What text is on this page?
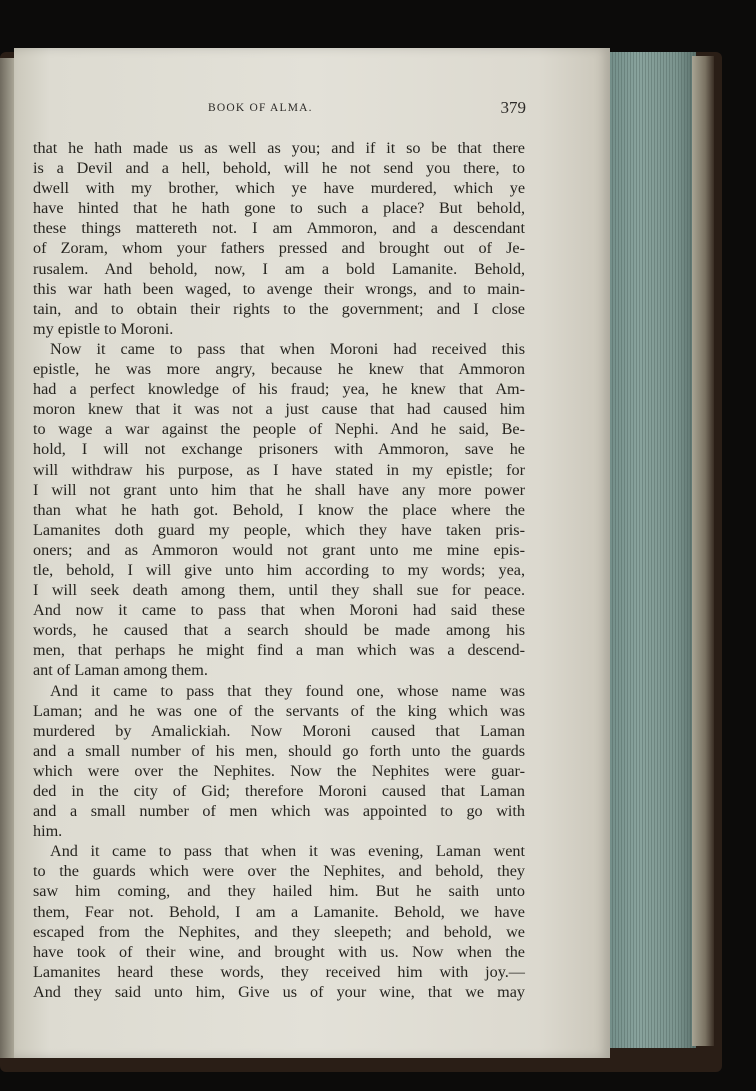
BOOK OF ALMA.	379
that he hath made us as well as you; and if it so be that there
is a Devil and a hell, behold, will he not send you there, to
dwell with my brother, which ye have murdered, which ye
have hinted that he hath gone to such a place? But behold,
these things mattereth not. I am Ammoron, and a descendant
of Zoram, whom your fathers pressed and brought out of Je-
rusalem. And behold, now, I am a bold Lamanite. Behold,
this war hath been waged, to avenge their wrongs, and to main-
tain, and to obtain their rights to the government; and I close
my epistle to Moroni.
Now it came to pass that when Moroni had received this
epistle, he was more angry, because he knew that Ammoron
had a perfect knowledge of his fraud; yea, he knew that Am-
moron knew that it was not a just cause that had caused him
to wage a war against the people of Nephi. And he said, Be-
hold, I will not exchange prisoners with Ammoron, save he
will withdraw his purpose, as I have stated in my epistle; for
I will not grant unto him that he shall have any more power
than what he hath got. Behold, I know the place where the
Lamanites doth guard my people, which they have taken pris-
oners; and as Ammoron would not grant unto me mine epis-
tle, behold, I will give unto him according to my words; yea,
I will seek death among them, until they shall sue for peace.
And now it came to pass that when Moroni had said these
words, he caused that a search should be made among his
men, that perhaps he might find a man which was a descend-
ant of Laman among them.
And it came to pass that they found one, whose name was
Laman; and he was one of the servants of the king which was
murdered by Amalickiah. Now Moroni caused that Laman
and a small number of his men, should go forth unto the guards
which were over the Nephites. Now the Nephites were guar-
ded in the city of Gid; therefore Moroni caused that Laman
and a small number of men which was appointed to go with
him.
And it came to pass that when it was evening, Laman went
to the guards which were over the Nephites, and behold, they
saw him coming, and they hailed him. But he saith unto
them, Fear not. Behold, I am a Lamanite. Behold, we have
escaped from the Nephites, and they sleepeth; and behold, we
have took of their wine, and brought with us. Now when the
Lamanites heard these words, they received him with joy.—
And they said unto him, Give us of your wine, that we may
